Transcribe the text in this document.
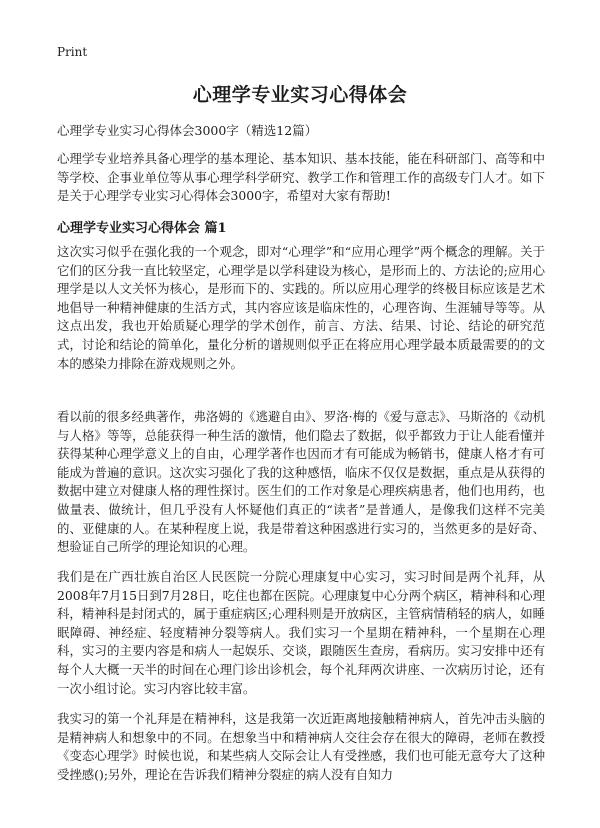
Print
心理学专业实习心得体会

心理学专业实习心得体会3000字（精选12篇）

心理学专业培养具备心理学的基本理论、基本知识、基本技能，能在科研部门、高等和中等学校、企事业单位等从事心理学科学研究、教学工作和管理工作的高级专门人才。如下是关于心理学专业实习心得体会3000字，希望对大家有帮助!

心理学专业实习心得体会 篇1

这次实习似乎在强化我的一个观念，即对“心理学”和“应用心理学”两个概念的理解。关于它们的区分我一直比较坚定，心理学是以学科建设为核心，是形而上的、方法论的;应用心理学是以人文关怀为核心，是形而下的、实践的。所以应用心理学的终极目标应该是艺术地倡导一种精神健康的生活方式，其内容应该是临床性的，心理咨询、生涯辅导等等。从这点出发，我也开始质疑心理学的学术创作，前言、方法、结果、讨论、结论的研究范式，讨论和结论的简单化，量化分析的谱规则似乎正在将应用心理学最本质最需要的的文本的感染力排除在游戏规则之外。

看以前的很多经典著作，弗洛姆的《逃避自由》、罗洛·梅的《爱与意志》、马斯洛的《动机与人格》等等，总能获得一种生活的激情，他们隐去了数据，似乎都致力于让人能看懂并获得某种心理学意义上的自由，心理学著作也因而才有可能成为畅销书，健康人格才有可能成为普遍的意识。这次实习强化了我的这种感悟，临床不仅仅是数据，重点是从获得的数据中建立对健康人格的理性探讨。医生们的工作对象是心理疾病患者，他们也用药，也做量表、做统计，但几乎没有人怀疑他们真正的“读者”是普通人，是像我们这样不完美的、亚健康的人。在某种程度上说，我是带着这种困惑进行实习的，当然更多的是好奇、想验证自己所学的理论知识的心理。

我们是在广西壮族自治区人民医院一分院心理康复中心实习，实习时间是两个礼拜，从2008年7月15日到7月28日，吃住也都在医院。心理康复中心分两个病区，精神科和心理科，精神科是封闭式的，属于重症病区;心理科则是开放病区，主管病情稍轻的病人，如睡眠障碍、神经症、轻度精神分裂等病人。我们实习一个星期在精神科，一个星期在心理科，实习的主要内容是和病人一起娱乐、交谈，跟随医生查房，看病历。实习安排中还有每个人大概一天半的时间在心理门诊出诊机会，每个礼拜两次讲座、一次病历讨论，还有一次小组讨论。实习内容比较丰富。

我实习的第一个礼拜是在精神科，这是我第一次近距离地接触精神病人，首先冲击头脑的是精神病人和想象中的不同。在想象当中和精神病人交往会存在很大的障碍，老师在教授《变态心理学》时候也说，和某些病人交际会让人有受挫感，我们也可能无意夸大了这种受挫感();另外，理论在告诉我们精神分裂症的病人没有自知力
